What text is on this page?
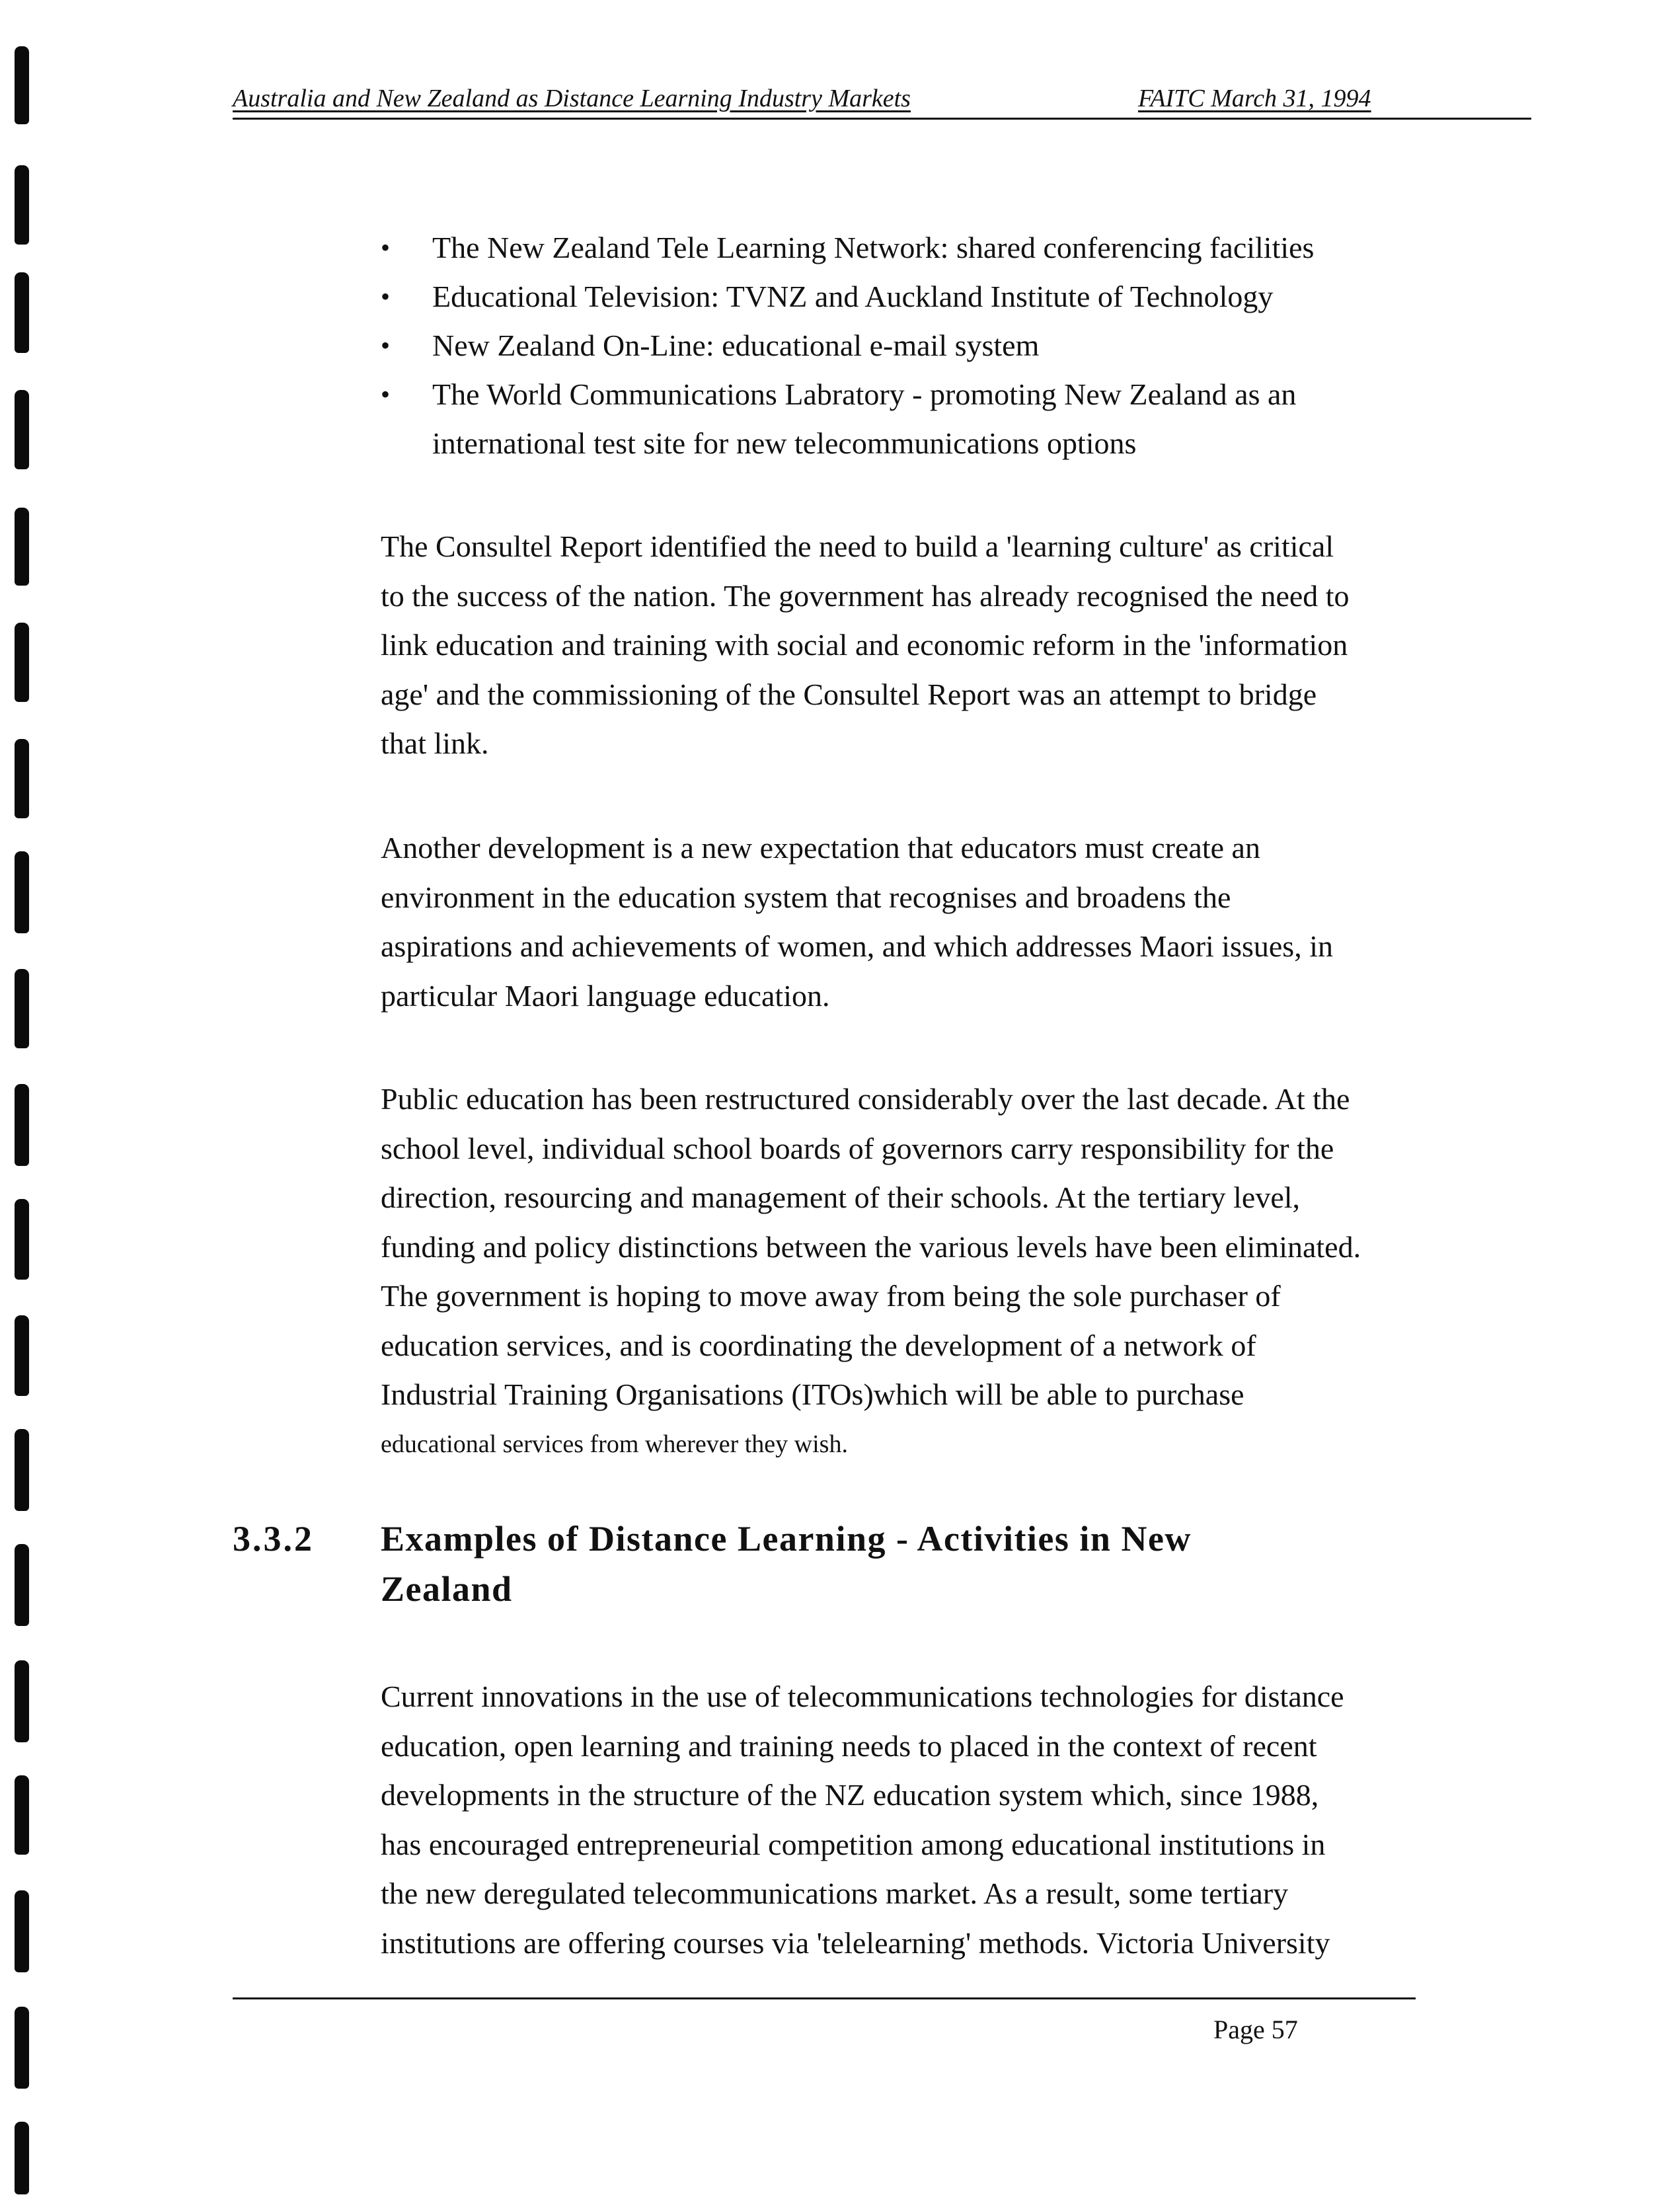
Australia and New Zealand as Distance Learning Industry Markets	FAITC March 31, 1994
• The New Zealand Tele Learning Network: shared conferencing facilities
• Educational Television: TVNZ and Auckland Institute of Technology
• New Zealand On-Line: educational e-mail system
• The World Communications Labratory - promoting New Zealand as an
international test site for new telecommunications options
The Consultel Report identified the need to build a 'learning culture' as critical
to the success of the nation. The government has already recognised the need to
link education and training with social and economic reform in the 'information
age' and the commissioning of the Consultel Report was an attempt to bridge
that link.
Another development is a new expectation that educators must create an
environment in the education system that recognises and broadens the
aspirations and achievements of women, and which addresses Maori issues, in
particular Maori language education.
Public education has been restructured considerably over the last decade. At the
school level, individual school boards of governors carry responsibility for the
direction, resourcing and management of their schools. At the tertiary level,
funding and policy distinctions between the various levels have been eliminated.
The government is hoping to move away from being the sole purchaser of
education services, and is coordinating the development of a network of
Industrial Training Organisations (ITOs)which will be able to purchase
educational services from wherever they wish.
3.3.2 Examples of Distance Learning - Activities in New
Zealand
Current innovations in the use of telecommunications technologies for distance
education, open learning and training needs to placed in the context of recent
developments in the structure of the NZ education system which, since 1988,
has encouraged entrepreneurial competition among educational institutions in
the new deregulated telecommunications market. As a result, some tertiary
institutions are offering courses via 'telelearning' methods. Victoria University
Page 57
